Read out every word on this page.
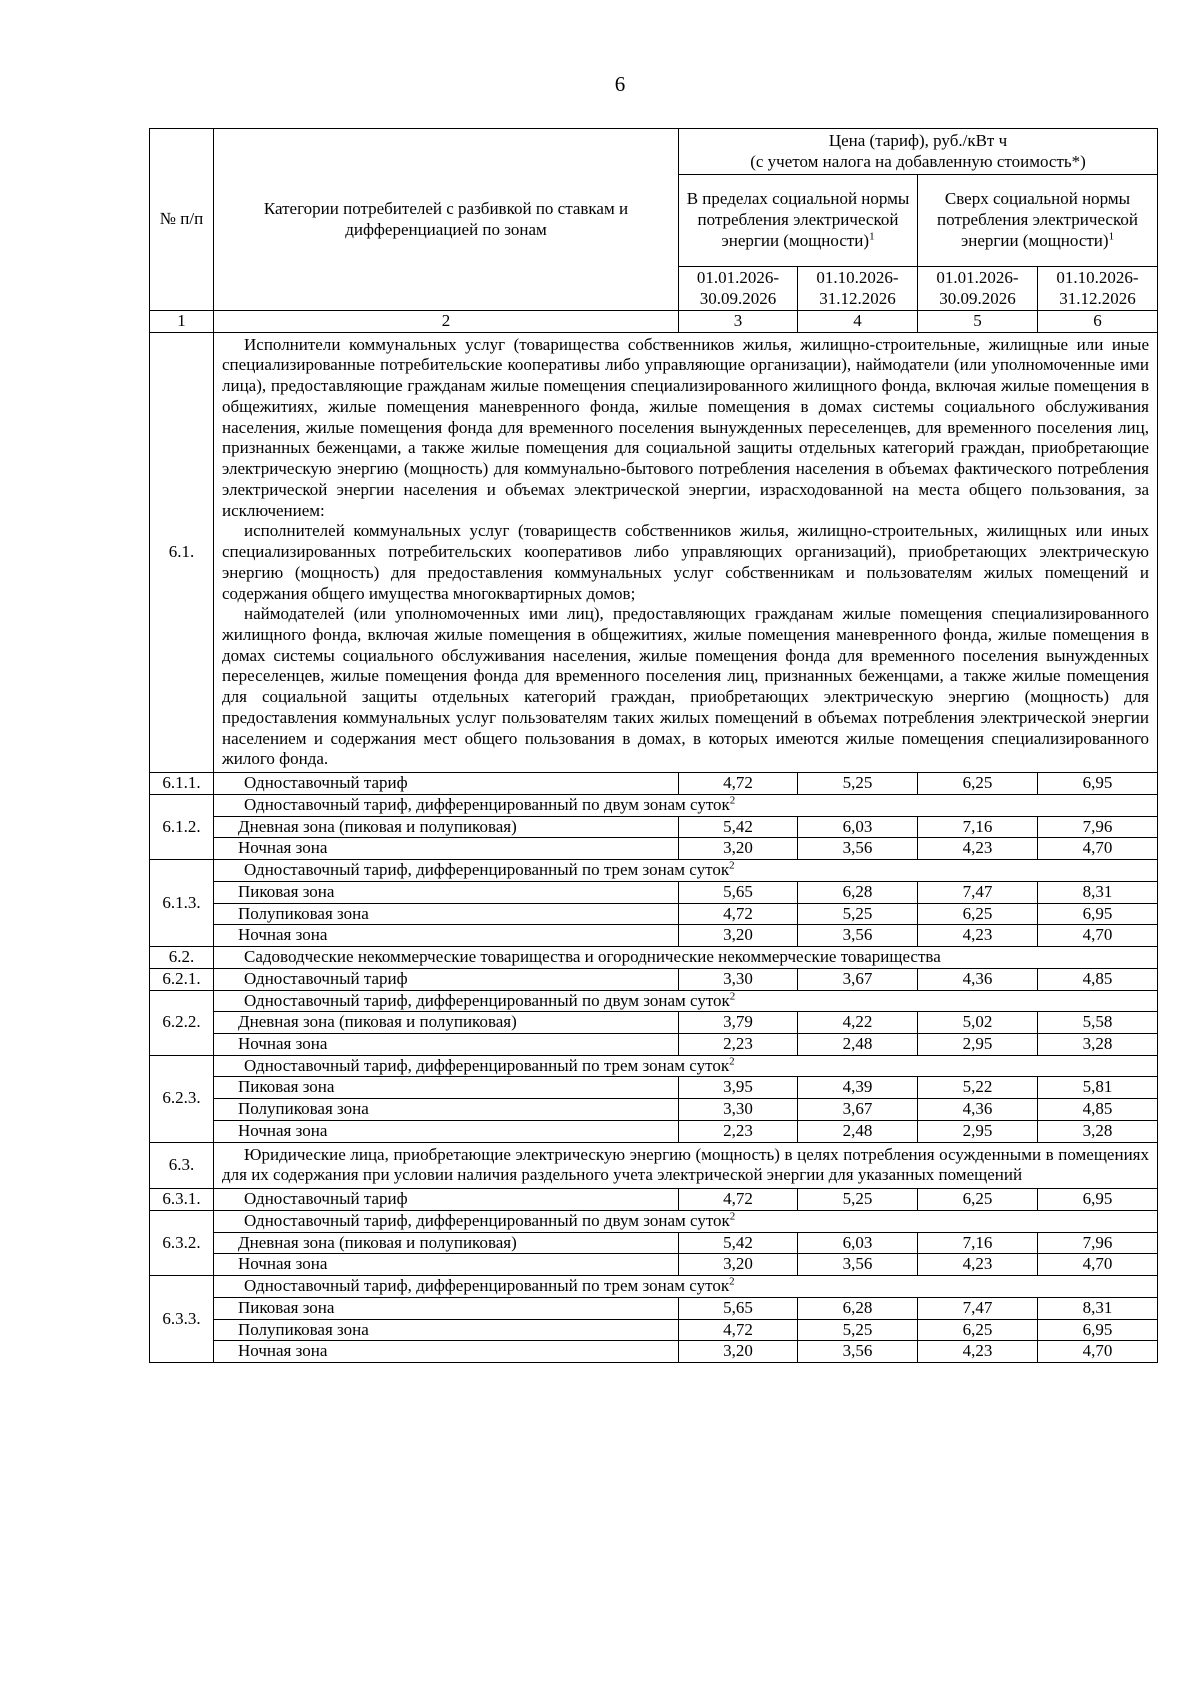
6
№ п/п	Категории потребителей с разбивкой по ставкам и дифференциацией по зонам	Цена (тариф), руб./кВт ч
(с учетом налога на добавленную стоимость*)			
		В пределах социальной нормы потребления электрической энергии (мощности)$^1$		Сверх социальной нормы потребления электрической энергии (мощности)$^1$
		01.01.2026-30.09.2026	01.10.2026-31.12.2026	01.01.2026-30.09.2026	01.10.2026-31.12.2026
1	2	3	4	5	6
6.1.	Исполнители коммунальных услуг (товарищества собственников жилья, жилищно-строительные, жилищные или иные специализированные потребительские кооперативы либо управляющие организации), наймодатели (или уполномоченные ими лица), предоставляющие гражданам жилые помещения специализированного жилищного фонда, включая жилые помещения в общежитиях, жилые помещения маневренного фонда, жилые помещения в домах системы социального обслуживания населения, жилые помещения фонда для временного поселения вынужденных переселенцев, для временного поселения лиц, признанных беженцами, а также жилые помещения для социальной защиты отдельных категорий граждан, приобретающие электрическую энергию (мощность) для коммунально-бытового потребления населения в объемах фактического потребления электрической энергии населения и объемах электрической энергии, израсходованной на места общего пользования, за исключением:

исполнителей коммунальных услуг (товариществ собственников жилья, жилищно-строительных, жилищных или иных специализированных потребительских кооперативов либо управляющих организаций), приобретающих электрическую энергию (мощность) для предоставления коммунальных услуг собственникам и пользователям жилых помещений и содержания общего имущества многоквартирных домов;

наймодателей (или уполномоченных ими лиц), предоставляющих гражданам жилые помещения специализированного жилищного фонда, включая жилые помещения в общежитиях, жилые помещения маневренного фонда, жилые помещения в домах системы социального обслуживания населения, жилые помещения фонда для временного поселения вынужденных переселенцев, жилые помещения фонда для временного поселения лиц, признанных беженцами, а также жилые помещения для социальной защиты отдельных категорий граждан, приобретающих электрическую энергию (мощность) для предоставления коммунальных услуг пользователям таких жилых помещений в объемах потребления электрической энергии населением и содержания мест общего пользования в домах, в которых имеются жилые помещения специализированного жилого фонда.				

6.1.1.	Одноставочный тариф	4,72	5,25	6,25	6,95
6.1.2.	Одноставочный тариф, дифференцированный по двум зонам суток$^2$
	Дневная зона (пиковая и полупиковая)	5,42	6,03	7,16	7,96
	Ночная зона	3,20	3,56	4,23	4,70
6.1.3.	Одноставочный тариф, дифференцированный по трем зонам суток$^2$
	Пиковая зона	5,65	6,28	7,47	8,31
	Полупиковая зона	4,72	5,25	6,25	6,95
	Ночная зона	3,20	3,56	4,23	4,70
6.2.	Садоводческие некоммерческие товарищества и огороднические некоммерческие товарищества				
6.2.1.	Одноставочный тариф	3,30	3,67	4,36	4,85
6.2.2.	Одноставочный тариф, дифференцированный по двум зонам суток$^2$
	Дневная зона (пиковая и полупиковая)	3,79	4,22	5,02	5,58
	Ночная зона	2,23	2,48	2,95	3,28
6.2.3.	Одноставочный тариф, дифференцированный по трем зонам суток$^2$
	Пиковая зона	3,95	4,39	5,22	5,81
	Полупиковая зона	3,30	3,67	4,36	4,85
	Ночная зона	2,23	2,48	2,95	3,28
6.3.	Юридические лица, приобретающие электрическую энергию (мощность) в целях потребления осужденными в помещениях для их содержания при условии наличия раздельного учета электрической энергии для указанных помещений				

6.3.1.	Одноставочный тариф	4,72	5,25	6,25	6,95
6.3.2.	Одноставочный тариф, дифференцированный по двум зонам суток$^2$
	Дневная зона (пиковая и полупиковая)	5,42	6,03	7,16	7,96
	Ночная зона	3,20	3,56	4,23	4,70
6.3.3.	Одноставочный тариф, дифференцированный по трем зонам суток$^2$
	Пиковая зона	5,65	6,28	7,47	8,31
	Полупиковая зона	4,72	5,25	6,25	6,95
	Ночная зона	3,20	3,56	4,23	4,70
